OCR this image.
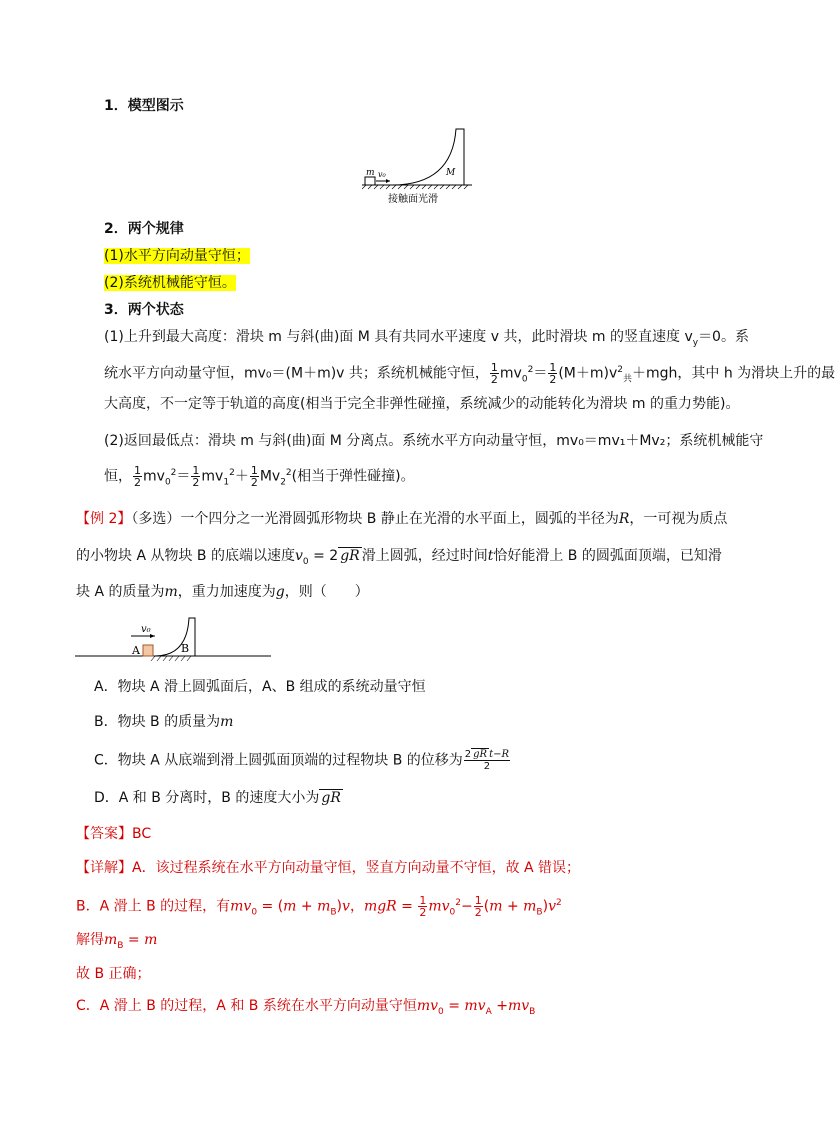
1．模型图示
m v₀	M
接触面光滑
2．两个规律
(1)水平方向动量守恒；
(2)系统机械能守恒。
3．两个状态
(1)上升到最大高度：滑块 m 与斜(曲)面 M 具有共同水平速度 v 共，此时滑块 m 的竖直速度 $v_y=0$。系
统水平方向动量守恒，mv₀＝(M＋m)v 共；系统机械能守恒， $\frac{1}{2} mv_0^2= \frac{1}{2} (M+m)v^2_共+mgh$，其中 h 为滑块上升的最
大高度，不一定等于轨道的高度(相当于完全非弹性碰撞，系统减少的动能转化为滑块 m 的重力势能)。
(2)返回最低点：滑块 m 与斜(曲)面 M 分离点。系统水平方向动量守恒，mv₀＝mv₁＋Mv₂；系统机械能守
恒， $\frac{1}{2} mv_0^2= \frac{1}{2} mv_1^2+ \frac{1}{2} Mv_2^2$(相当于弹性碰撞)。
【例 2】（多选）一个四分之一光滑圆弧形物块 B 静止在光滑的水平面上，圆弧的半径为R，一可视为质点
的小物块 A 从物块 B 的底端以速度$v_0 = 2$ gR 滑上圆弧，经过时间t恰好能滑上 B 的圆弧面顶端，已知滑
块 A 的质量为m，重力加速度为g，则（　　）
v₀
A	B
A．物块 A 滑上圆弧面后，A、B 组成的系统动量守恒
B．物块 B 的质量为m
C．物块 A 从底端到滑上圆弧面顶端的过程物块 B 的位移为 $\frac{\text{2 gR t−R}}{2}$
D．A 和 B 分离时，B 的速度大小为 gR
【答案】BC
【详解】A．该过程系统在水平方向动量守恒，竖直方向动量不守恒，故 A 错误；
B．A 滑上 B 的过程，有$mv_0 = (m + m_B)v$，mgR = $\frac{1}{2} mv_0^2- \frac{1}{2} (m + m_B)v^2$
解得$m_B = m$
故 B 正确；
C．A 滑上 B 的过程，A 和 B 系统在水平方向动量守恒$mv_0 = mv_A +mv_B$
